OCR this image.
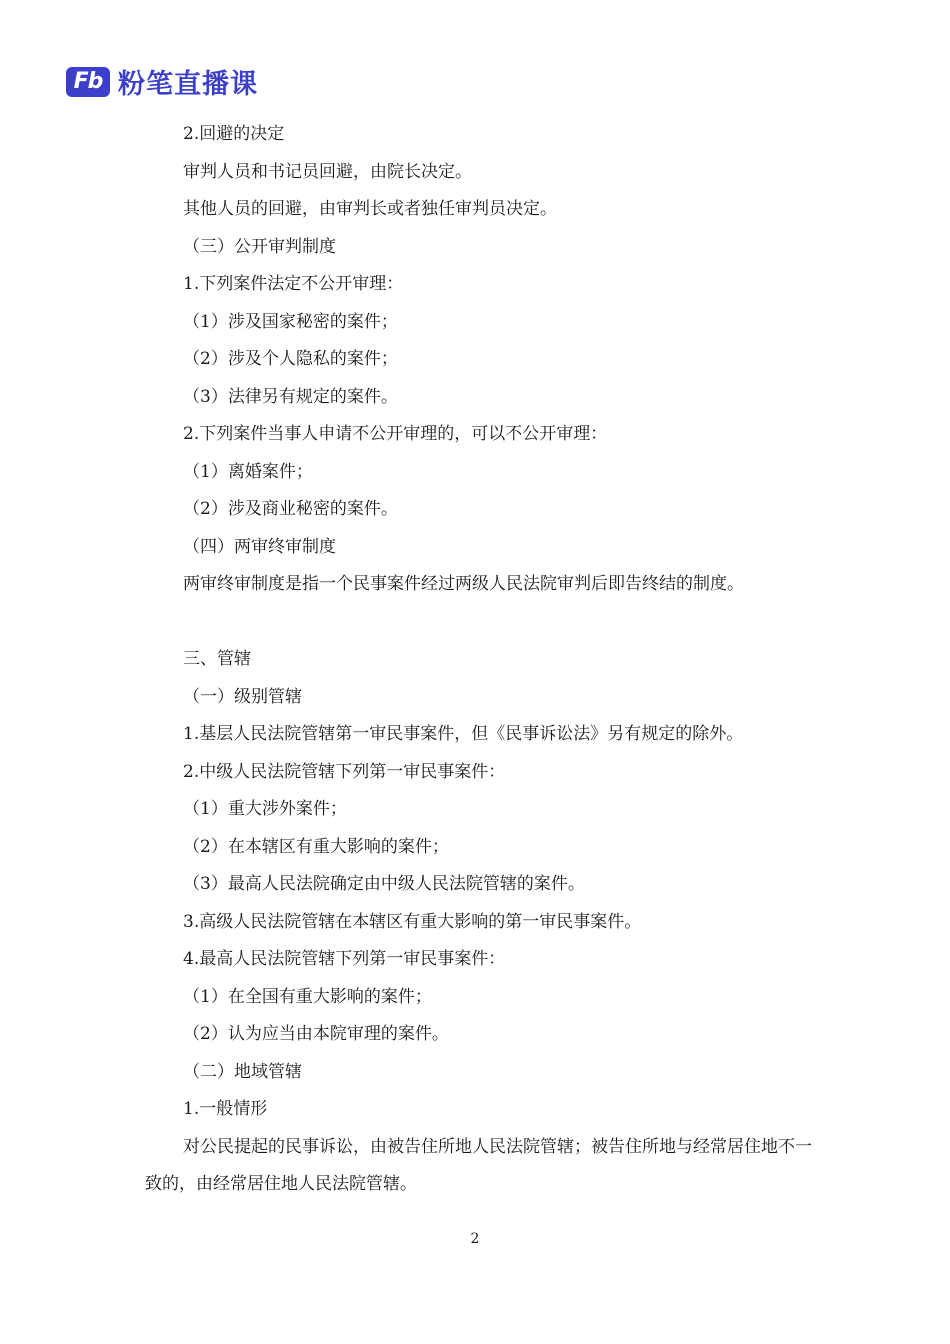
Fb 粉笔直播课
2.回避的决定
审判人员和书记员回避，由院长决定。
其他人员的回避，由审判长或者独任审判员决定。
（三）公开审判制度
1.下列案件法定不公开审理：
（1）涉及国家秘密的案件；
（2）涉及个人隐私的案件；
（3）法律另有规定的案件。
2.下列案件当事人申请不公开审理的，可以不公开审理：
（1）离婚案件；
（2）涉及商业秘密的案件。
（四）两审终审制度
两审终审制度是指一个民事案件经过两级人民法院审判后即告终结的制度。
三、管辖
（一）级别管辖
1.基层人民法院管辖第一审民事案件，但《民事诉讼法》另有规定的除外。
2.中级人民法院管辖下列第一审民事案件：
（1）重大涉外案件；
（2）在本辖区有重大影响的案件；
（3）最高人民法院确定由中级人民法院管辖的案件。
3.高级人民法院管辖在本辖区有重大影响的第一审民事案件。
4.最高人民法院管辖下列第一审民事案件：
（1）在全国有重大影响的案件；
（2）认为应当由本院审理的案件。
（二）地域管辖
1.一般情形
对公民提起的民事诉讼，由被告住所地人民法院管辖；被告住所地与经常居住地不一致的，由经常居住地人民法院管辖。
2
